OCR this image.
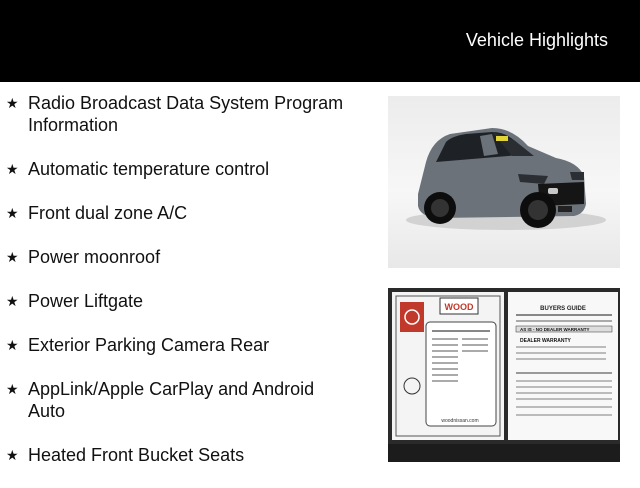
Vehicle Highlights
★ Radio Broadcast Data System Program Information
★ Automatic temperature control
★ Front dual zone A/C
★ Power moonroof
★ Power Liftgate
★ Exterior Parking Camera Rear
★ AppLink/Apple CarPlay and Android Auto
★ Heated Front Bucket Seats
WOOD
woodnissan.com
BUYERS GUIDE
AS IS - NO DEALER WARRANTY
DEALER WARRANTY
